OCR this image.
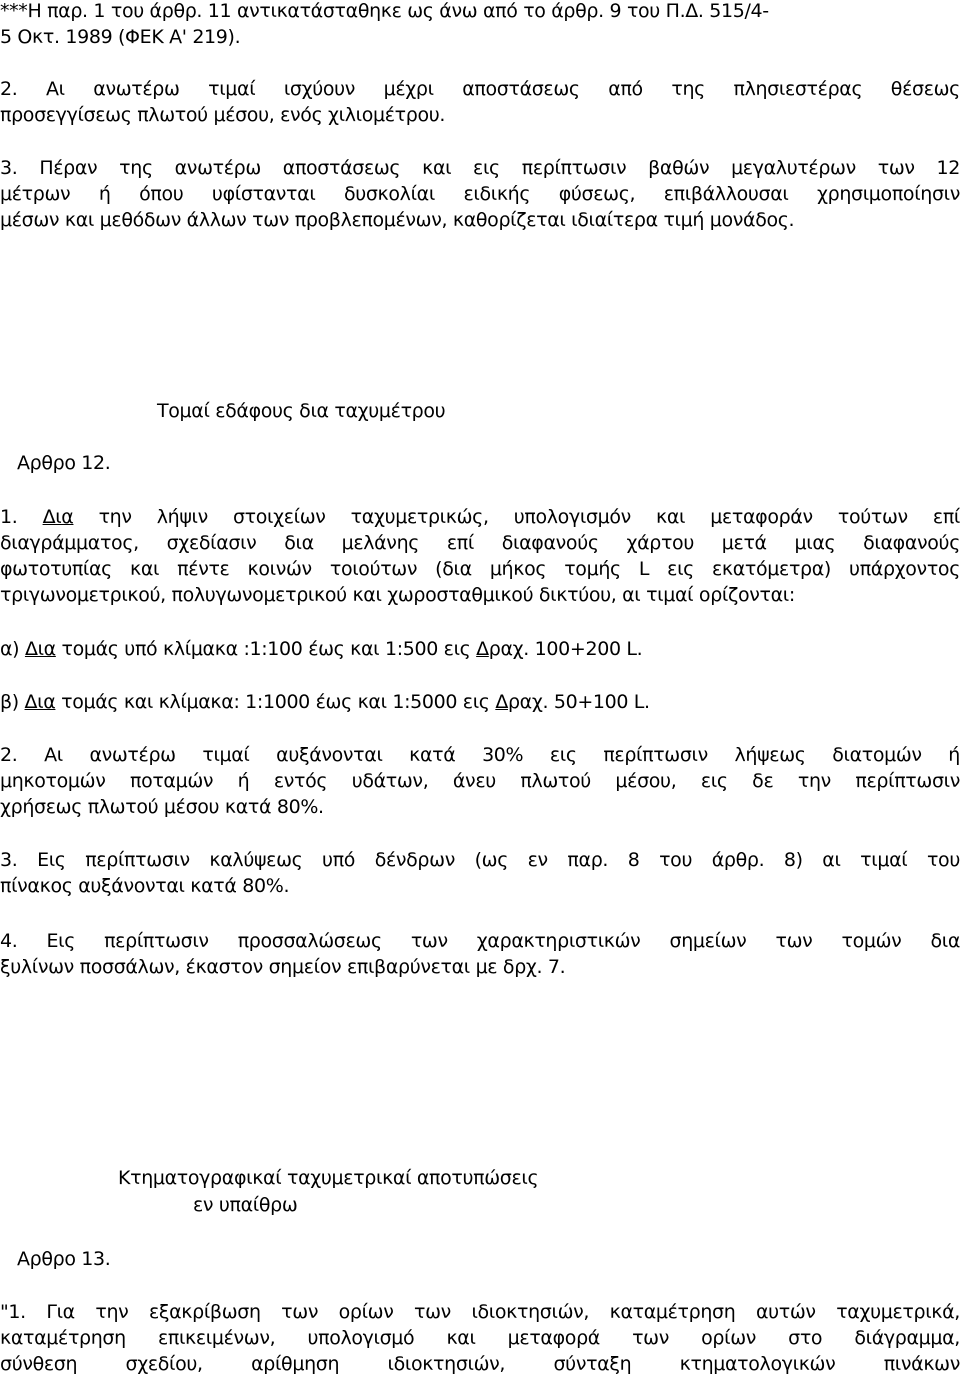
***Η παρ. 1 του άρθρ. 11 αντικατάσταθηκε ως άνω από το άρθρ. 9 του Π.Δ. 515/4-
5 Οκτ. 1989 (ΦΕΚ Α' 219).
2. Αι ανωτέρω τιμαί ισχύουν μέχρι αποστάσεως από της πλησιεστέρας θέσεως
προσεγγίσεως πλωτού μέσου, ενός χιλιομέτρου.
3. Πέραν της ανωτέρω αποστάσεως και εις περίπτωσιν βαθών μεγαλυτέρων των 12
μέτρων ή όπου υφίστανται δυσκολίαι ειδικής φύσεως, επιβάλλουσαι χρησιμοποίησιν
μέσων και μεθόδων άλλων των προβλεπομένων, καθορίζεται ιδιαίτερα τιμή μονάδος.
Τομαί εδάφους δια ταχυμέτρου
Αρθρο 12.
1. Δια την λήψιν στοιχείων ταχυμετρικώς, υπολογισμόν και μεταφοράν τούτων επί
διαγράμματος, σχεδίασιν δια μελάνης επί διαφανούς χάρτου μετά μιας διαφανούς
φωτοτυπίας και πέντε κοινών τοιούτων (δια μήκος τομής L εις εκατόμετρα) υπάρχοντος
τριγωνομετρικού, πολυγωνομετρικού και χωροσταθμικού δικτύου, αι τιμαί ορίζονται:
α) Δια τομάς υπό κλίμακα :1:100 έως και 1:500 εις Δραχ. 100+200 L.
β) Δια τομάς και κλίμακα: 1:1000 έως και 1:5000 εις Δραχ. 50+100 L.
2. Αι ανωτέρω τιμαί αυξάνονται κατά 30% εις περίπτωσιν λήψεως διατομών ή
μηκοτομών ποταμών ή εντός υδάτων, άνευ πλωτού μέσου, εις δε την περίπτωσιν
χρήσεως πλωτού μέσου κατά 80%.
3. Εις περίπτωσιν καλύψεως υπό δένδρων (ως εν παρ. 8 του άρθρ. 8) αι τιμαί του
πίνακος αυξάνονται κατά 80%.
4. Εις περίπτωσιν προσσαλώσεως των χαρακτηριστικών σημείων των τομών δια
ξυλίνων ποσσάλων, έκαστον σημείον επιβαρύνεται με δρχ. 7.
Κτηματογραφικαί ταχυμετρικαί αποτυπώσεις
εν υπαίθρω
Αρθρο 13.
"1. Για την εξακρίβωση των ορίων των ιδιοκτησιών, καταμέτρηση αυτών ταχυμετρικά,
καταμέτρηση επικειμένων, υπολογισμό και μεταφορά των ορίων στο διάγραμμα,
σύνθεση σχεδίου, αρίθμηση ιδιοκτησιών, σύνταξη κτηματολογικών πινάκων
